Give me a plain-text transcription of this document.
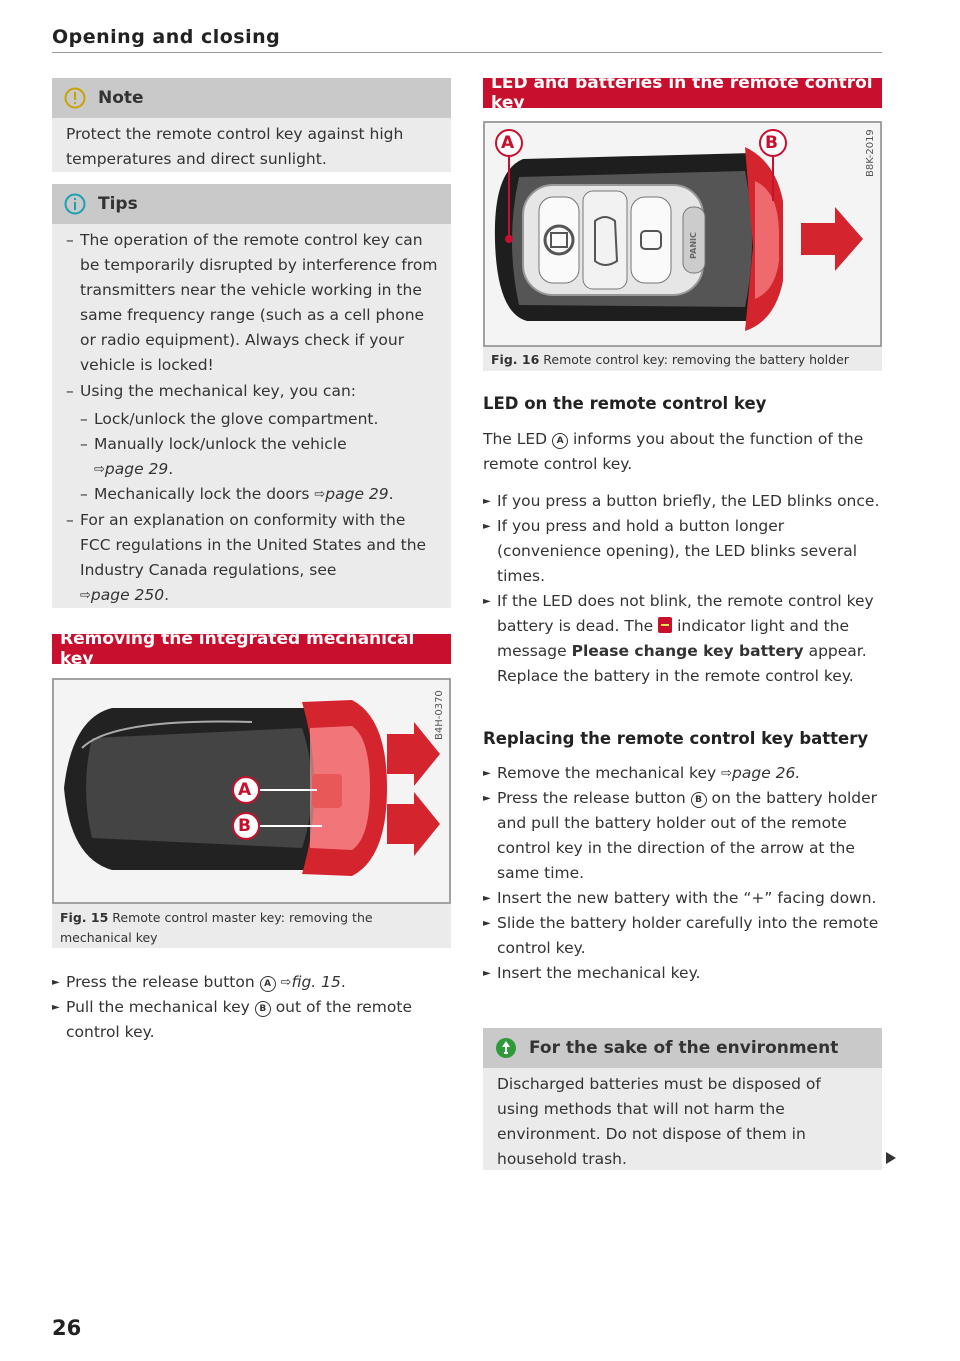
Opening and closing
Note

Protect the remote control key against high temperatures and direct sunlight.

Tips

– The operation of the remote control key can be temporarily disrupted by interference from transmitters near the vehicle working in the same frequency range (such as a cell phone or radio equipment). Always check if your vehicle is locked!

– Using the mechanical key, you can:

– Lock/unlock the glove compartment.

– Manually lock/unlock the vehicle
⇨page 29.

– Mechanically lock the doors ⇨page 29.

– For an explanation on conformity with the FCC regulations in the United States and the Industry Canada regulations, see
⇨page 250.

Removing the integrated mechanical key
A
B
B4H-0370

Fig. 15 Remote control master key: removing the mechanical key

► Press the release button A ⇨fig. 15.

► Pull the mechanical key B out of the remote control key.

LED and batteries in the remote control key
A	B
PANIC
B8K-2019

Fig. 16 Remote control key: removing the battery holder

LED on the remote control key

The LED A informs you about the function of the remote control key.

► If you press a button briefly, the LED blinks once.

► If you press and hold a button longer (convenience opening), the LED blinks several times.

► If the LED does not blink, the remote control key battery is dead. The indicator light and the message Please change key battery appear. Replace the battery in the remote control key.

Replacing the remote control key battery

► Remove the mechanical key ⇨page 26.

► Press the release button B on the battery holder and pull the battery holder out of the remote control key in the direction of the arrow at the same time.

► Insert the new battery with the “+” facing down.

► Slide the battery holder carefully into the remote control key.

► Insert the mechanical key.

For the sake of the environment

Discharged batteries must be disposed of using methods that will not harm the environment. Do not dispose of them in household trash.

26
